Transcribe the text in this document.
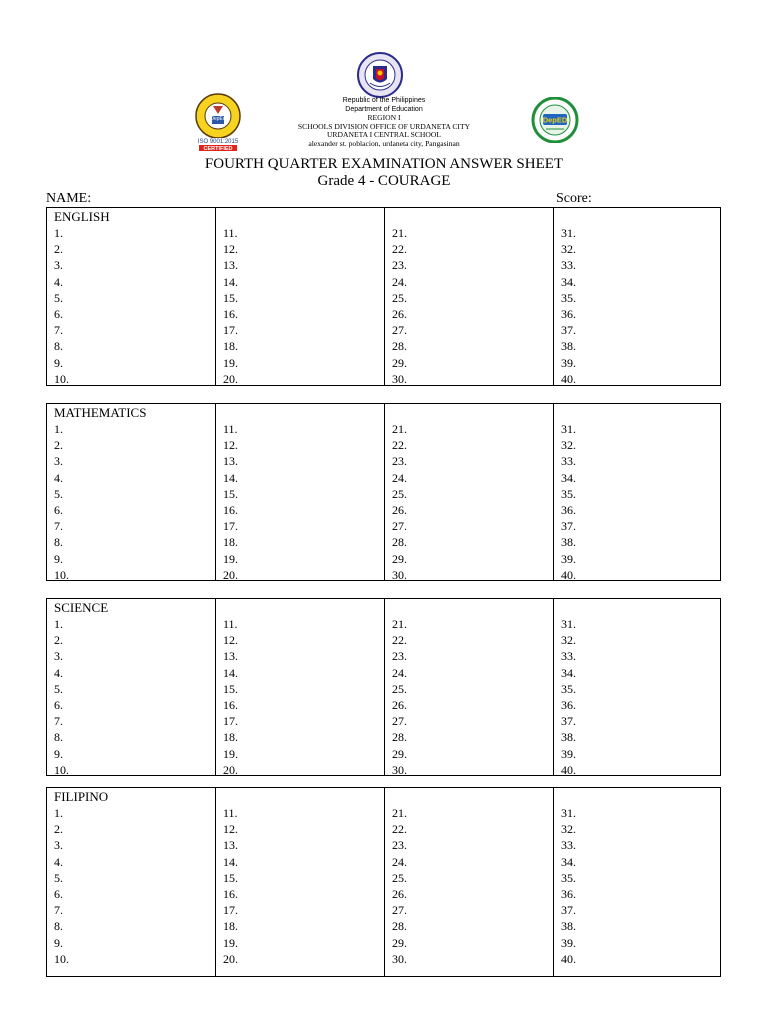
DepEd
ISO 9001:2015
CERTIFIED
DepED
Republic of the Philippines
Department of Education
REGION I
SCHOOLS DIVISION OFFICE OF URDANETA CITY
URDANETA I CENTRAL SCHOOL
alexander st. poblacion, urdaneta city, Pangasinan
FOURTH QUARTER EXAMINATION ANSWER SHEET
Grade 4 - COURAGE
NAME:	Score:
ENGLISH
1.
2.
3.
4.
5.
6.
7.
8.
9.
10.
11.
12.
13.
14.
15.
16.
17.
18.
19.
20.
21.
22.
23.
24.
25.
26.
27.
28.
29.
30.
31.
32.
33.
34.
35.
36.
37.
38.
39.
40.
MATHEMATICS
1.
2.
3.
4.
5.
6.
7.
8.
9.
10.
11.
12.
13.
14.
15.
16.
17.
18.
19.
20.
21.
22.
23.
24.
25.
26.
27.
28.
29.
30.
31.
32.
33.
34.
35.
36.
37.
38.
39.
40.
SCIENCE
1.
2.
3.
4.
5.
6.
7.
8.
9.
10.
11.
12.
13.
14.
15.
16.
17.
18.
19.
20.
21.
22.
23.
24.
25.
26.
27.
28.
29.
30.
31.
32.
33.
34.
35.
36.
37.
38.
39.
40.
FILIPINO
1.
2.
3.
4.
5.
6.
7.
8.
9.
10.
11.
12.
13.
14.
15.
16.
17.
18.
19.
20.
21.
22.
23.
24.
25.
26.
27.
28.
29.
30.
31.
32.
33.
34.
35.
36.
37.
38.
39.
40.
